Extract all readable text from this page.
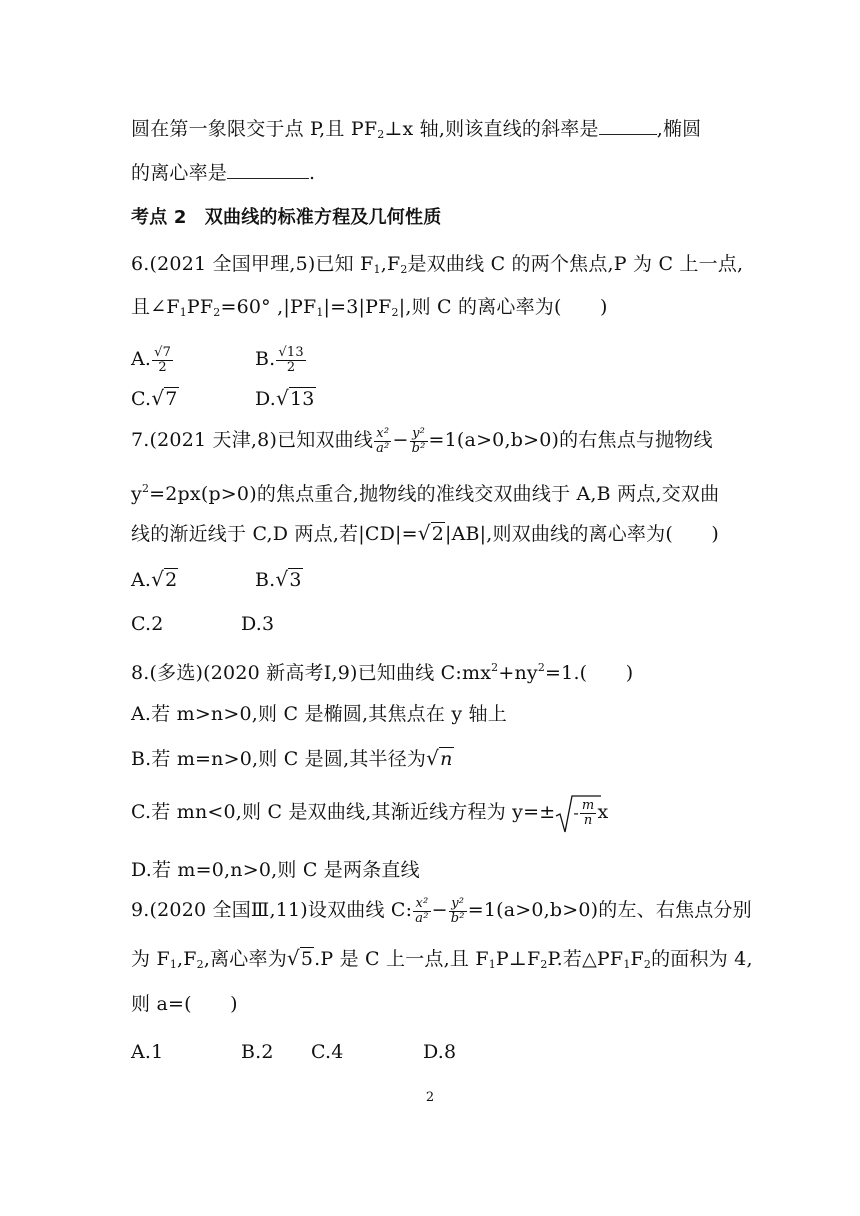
圆在第一象限交于点 P,且 $PF_2\perp x$ 轴,则该直线的斜率是	,椭圆
的离心率是	.
考点 2　双曲线的标准方程及几何性质
6.(2021 全国甲理,5)已知 $F_1,F_2$是双曲线 C 的两个焦点,P 为 C 上一点,
且$\angle F_1PF_2=60^\circ$ $,|PF_1|=3|PF_2|$,则 C 的离心率为(　　)
A. $\frac{√7}{2}$	B. $\frac{√13}{2}$
C.√7	D.√13
7.(2021 天津,8)已知双曲线 $\frac{\text{x²}}{\text{a²}} - \frac{\text{y²}}{\text{b²}} =1(a>0,b>0)$的右焦点与抛物线
$y^2=2px(p>0)$的焦点重合,抛物线的准线交双曲线于 A,B 两点,交双曲
线的渐近线于 C,D 两点,若|CD|=√2|AB|,则双曲线的离心率为(　　)
A.√2	B.√3
C.2	D.3
8.(多选)(2020 新高考Ⅰ,9)已知曲线 $C:mx^2+ny^2=1$.(　　)
A.若 m>n>0,则 C 是椭圆,其焦点在 y 轴上
B.若 m=n>0,则 C 是圆,其半径为√n
C.若 mn<0,则 C 是双曲线,其渐近线方程为 $y=\pm - \frac{m}{n}$ x
D.若 m=0,n>0,则 C 是两条直线
9.(2020 全国Ⅲ,11)设双曲线 C: $\frac{\text{x²}}{\text{a²}} - \frac{\text{y²}}{\text{b²}} =1(a>0,b>0)$的左、右焦点分别
为 $F_1,F_2$,离心率为√5.P 是 C 上一点,且 $F_1P\perp F_2P$.若$\triangle PF_1F_2$的面积为 4,
则 a=(　　)
A.1	B.2 C.4	D.8
2
